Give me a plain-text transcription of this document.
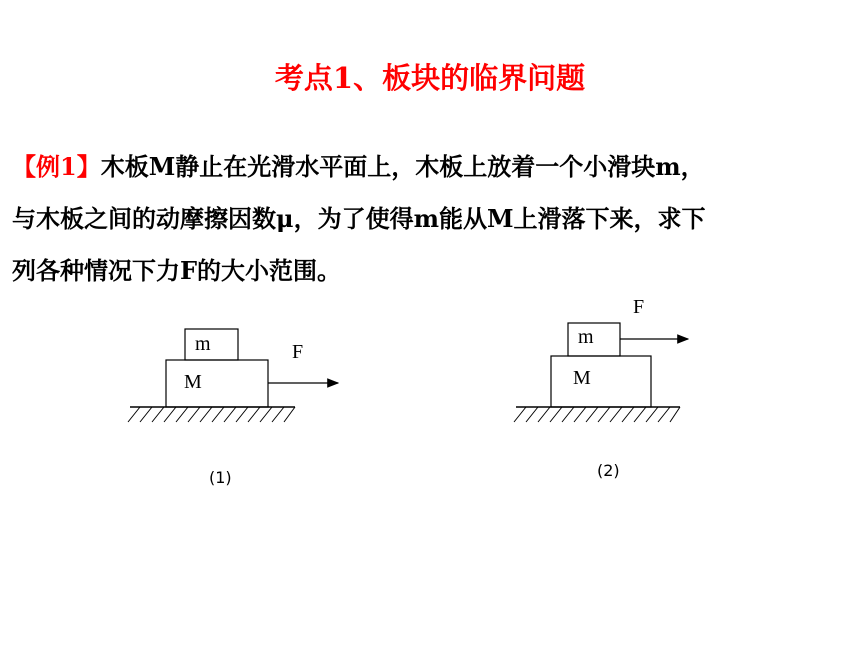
考点1、板块的临界问题
【例1】木板M静止在光滑水平面上，木板上放着一个小滑块m，
与木板之间的动摩擦因数μ，为了使得m能从M上滑落下来，求下
列各种情况下力F的大小范围。
m
M
F
m
M
F
(1)	(2)
